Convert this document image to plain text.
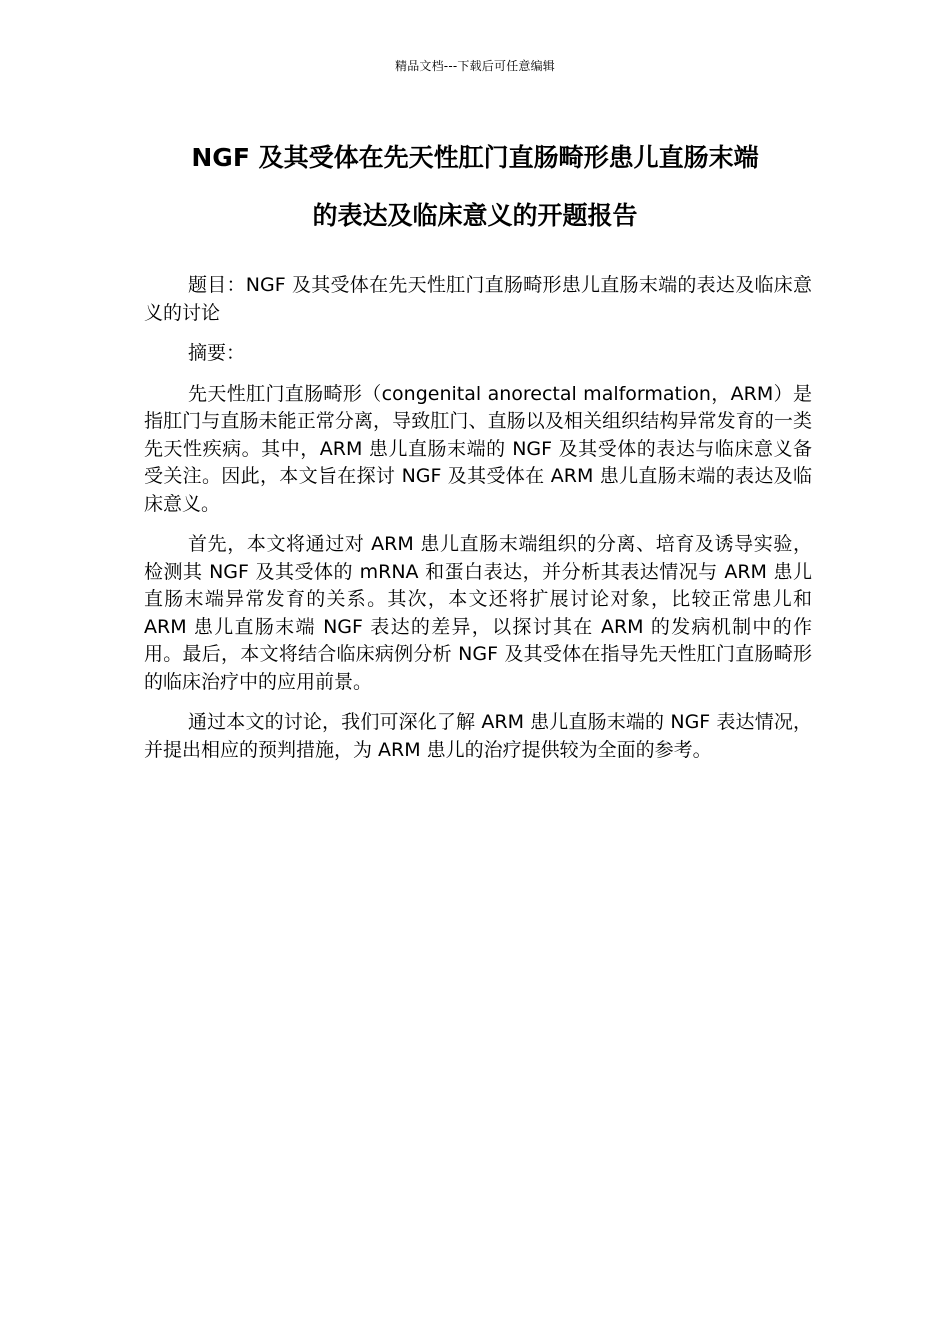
精品文档---下载后可任意编辑
NGF 及其受体在先天性肛门直肠畸形患儿直肠末端
的表达及临床意义的开题报告

题目：NGF 及其受体在先天性肛门直肠畸形患儿直肠末端的表达及临床意义的讨论

摘要：

先天性肛门直肠畸形（congenital anorectal malformation，ARM）是指肛门与直肠未能正常分离，导致肛门、直肠以及相关组织结构异常发育的一类先天性疾病。其中，ARM 患儿直肠末端的 NGF 及其受体的表达与临床意义备受关注。因此，本文旨在探讨 NGF 及其受体在 ARM 患儿直肠末端的表达及临床意义。

首先，本文将通过对 ARM 患儿直肠末端组织的分离、培育及诱导实验，检测其 NGF 及其受体的 mRNA 和蛋白表达，并分析其表达情况与 ARM 患儿直肠末端异常发育的关系。其次，本文还将扩展讨论对象，比较正常患儿和 ARM 患儿直肠末端 NGF 表达的差异，以探讨其在 ARM 的发病机制中的作用。最后，本文将结合临床病例分析 NGF 及其受体在指导先天性肛门直肠畸形的临床治疗中的应用前景。

通过本文的讨论，我们可深化了解 ARM 患儿直肠末端的 NGF 表达情况，并提出相应的预判措施，为 ARM 患儿的治疗提供较为全面的参考。
